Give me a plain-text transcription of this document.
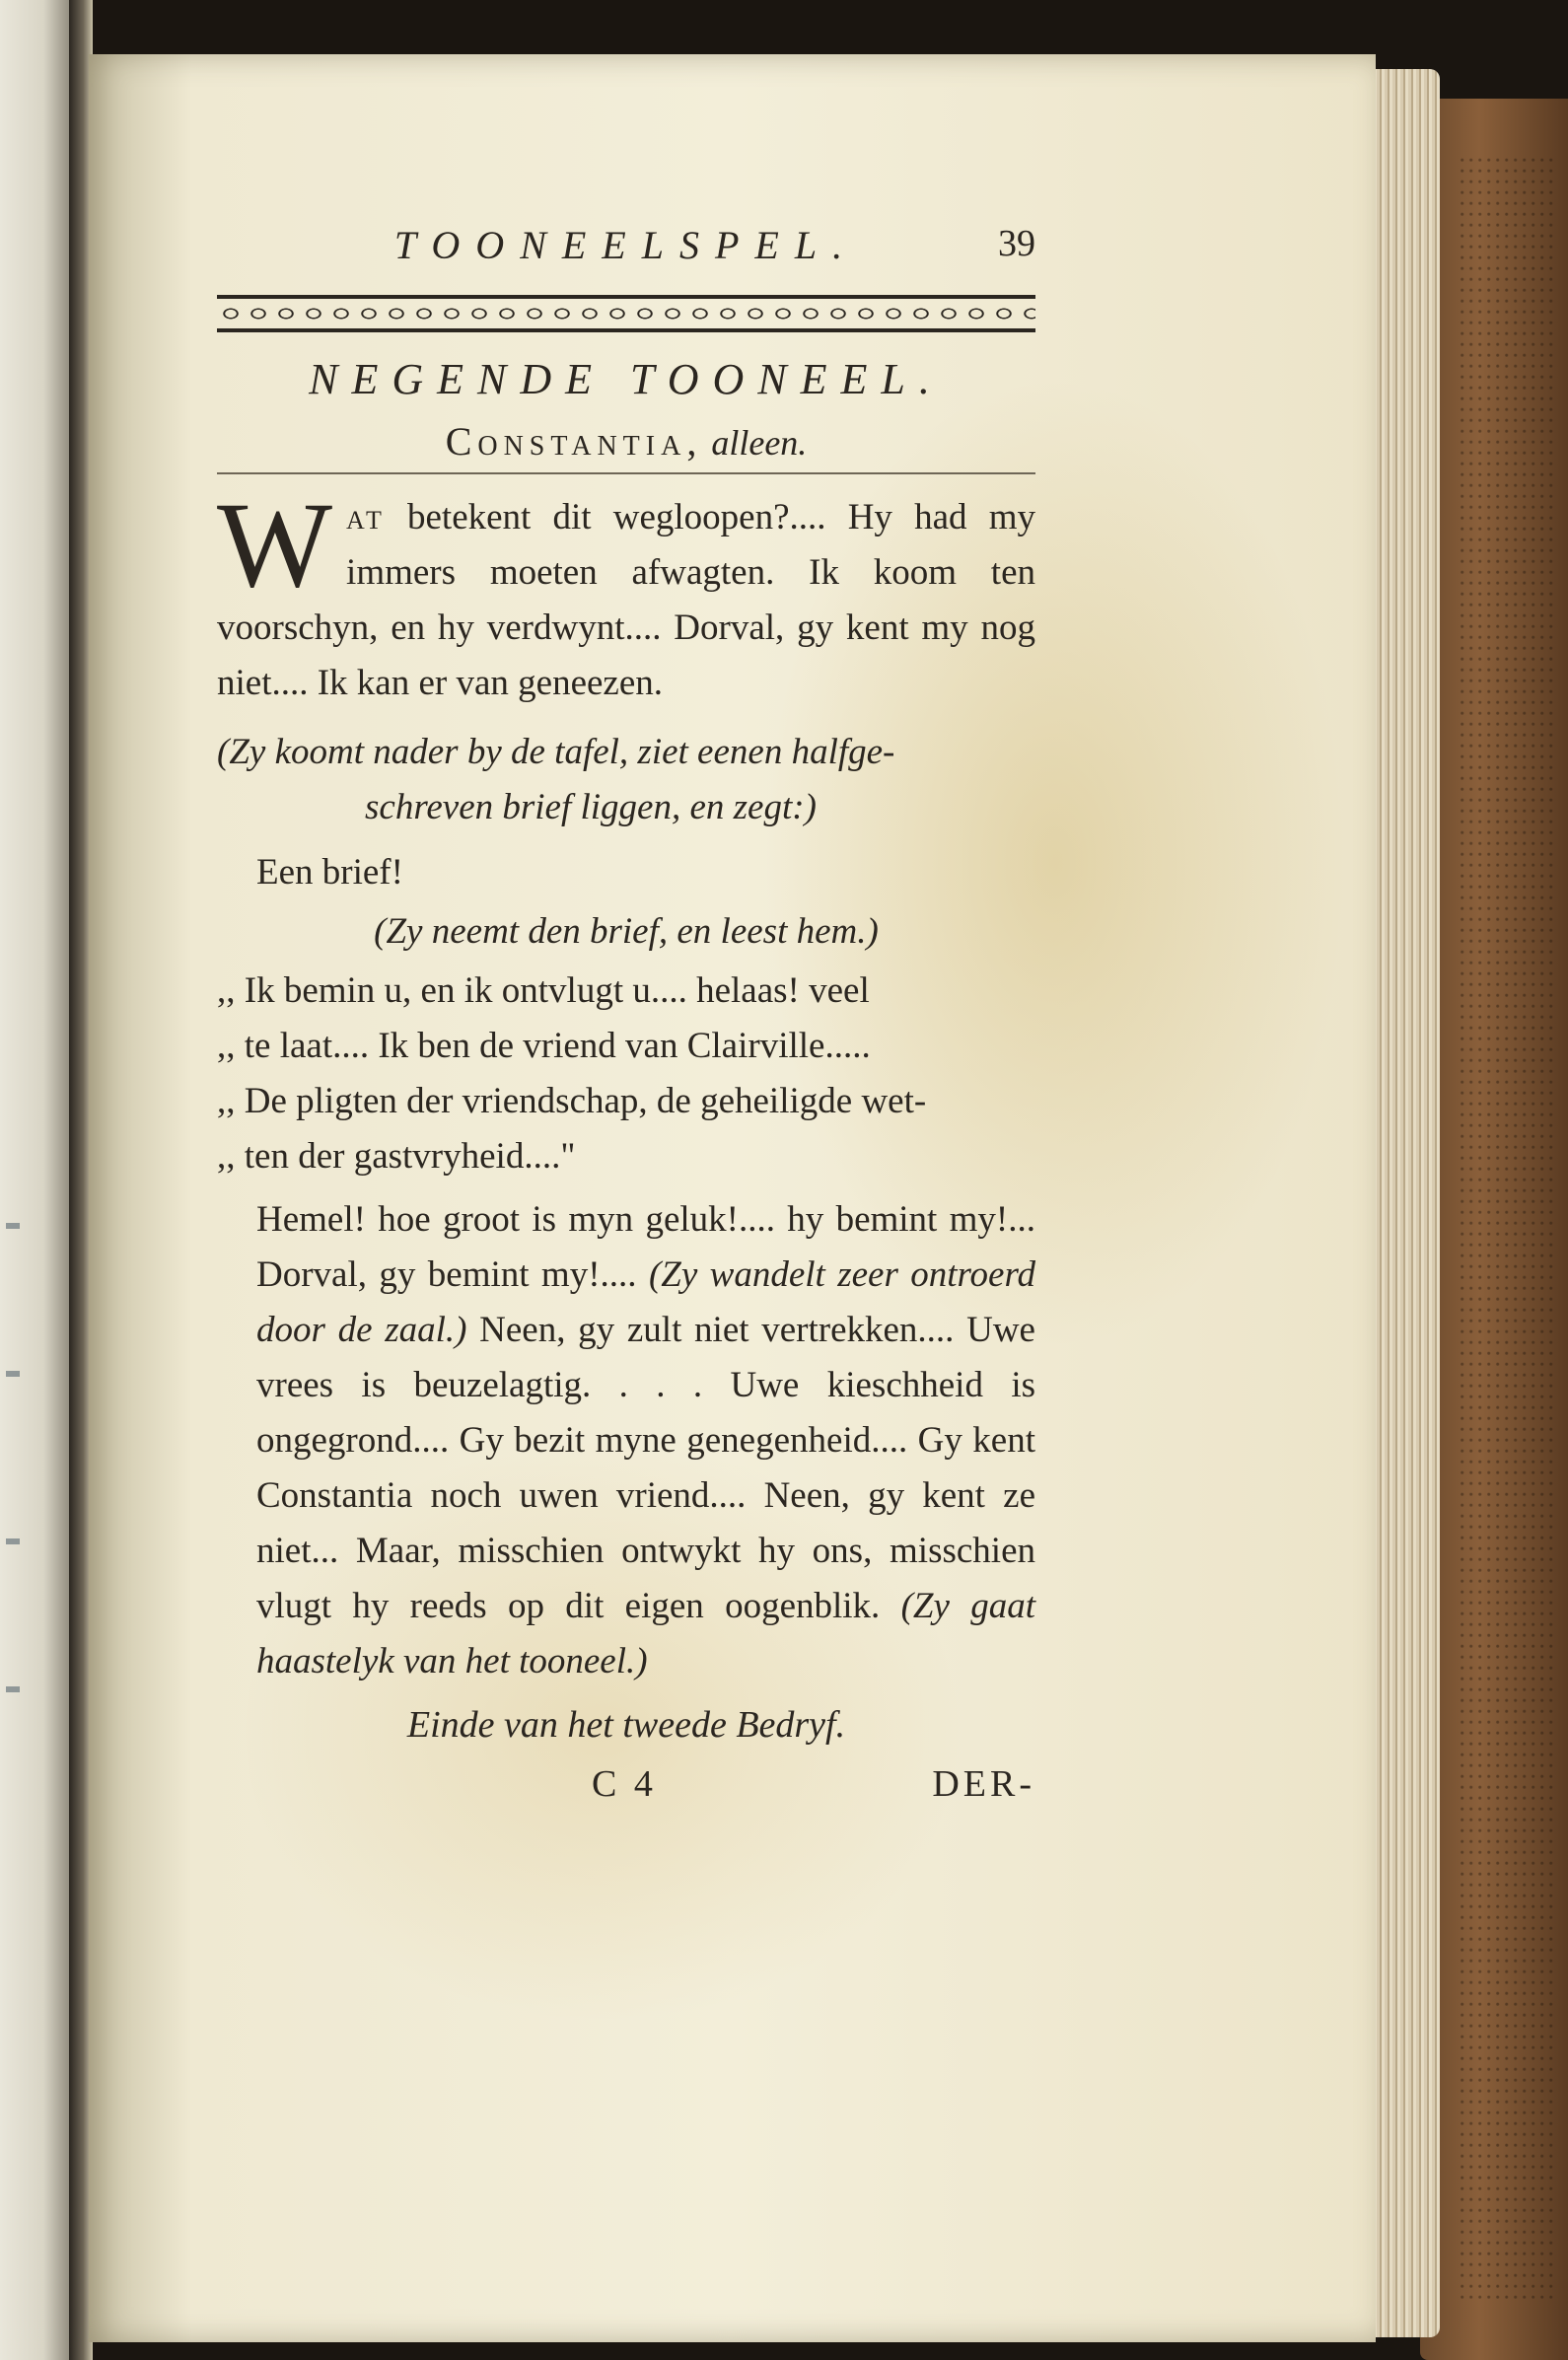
TOONEELSPEL.	39
NEGENDE TOONEEL.
Constantia, alleen.

Wat betekent dit wegloopen?.... Hy had my immers moeten afwagten. Ik koom ten voorschyn, en hy verdwynt.... Dorval, gy kent my nog niet.... Ik kan er van geneezen.

(Zy koomt nader by de tafel, ziet eenen halfge-
schreven brief liggen, en zegt:)

Een brief!

(Zy neemt den brief, en leest hem.)

,, Ik bemin u, en ik ontvlugt u.... helaas! veel

,, te laat.... Ik ben de vriend van Clairville.....

,, De pligten der vriendschap, de geheiligde wet-

,, ten der gastvryheid...."

Hemel! hoe groot is myn geluk!.... hy bemint my!... Dorval, gy bemint my!.... (Zy wandelt zeer ontroerd door de zaal.) Neen, gy zult niet vertrekken.... Uwe vrees is beuzelagtig. . . . Uwe kieschheid is ongegrond.... Gy bezit myne genegenheid.... Gy kent Constantia noch uwen vriend.... Neen, gy kent ze niet... Maar, misschien ontwykt hy ons, misschien vlugt hy reeds op dit eigen oogenblik. (Zy gaat haastelyk van het tooneel.)

Einde van het tweede Bedryf.
C 4	DER-
